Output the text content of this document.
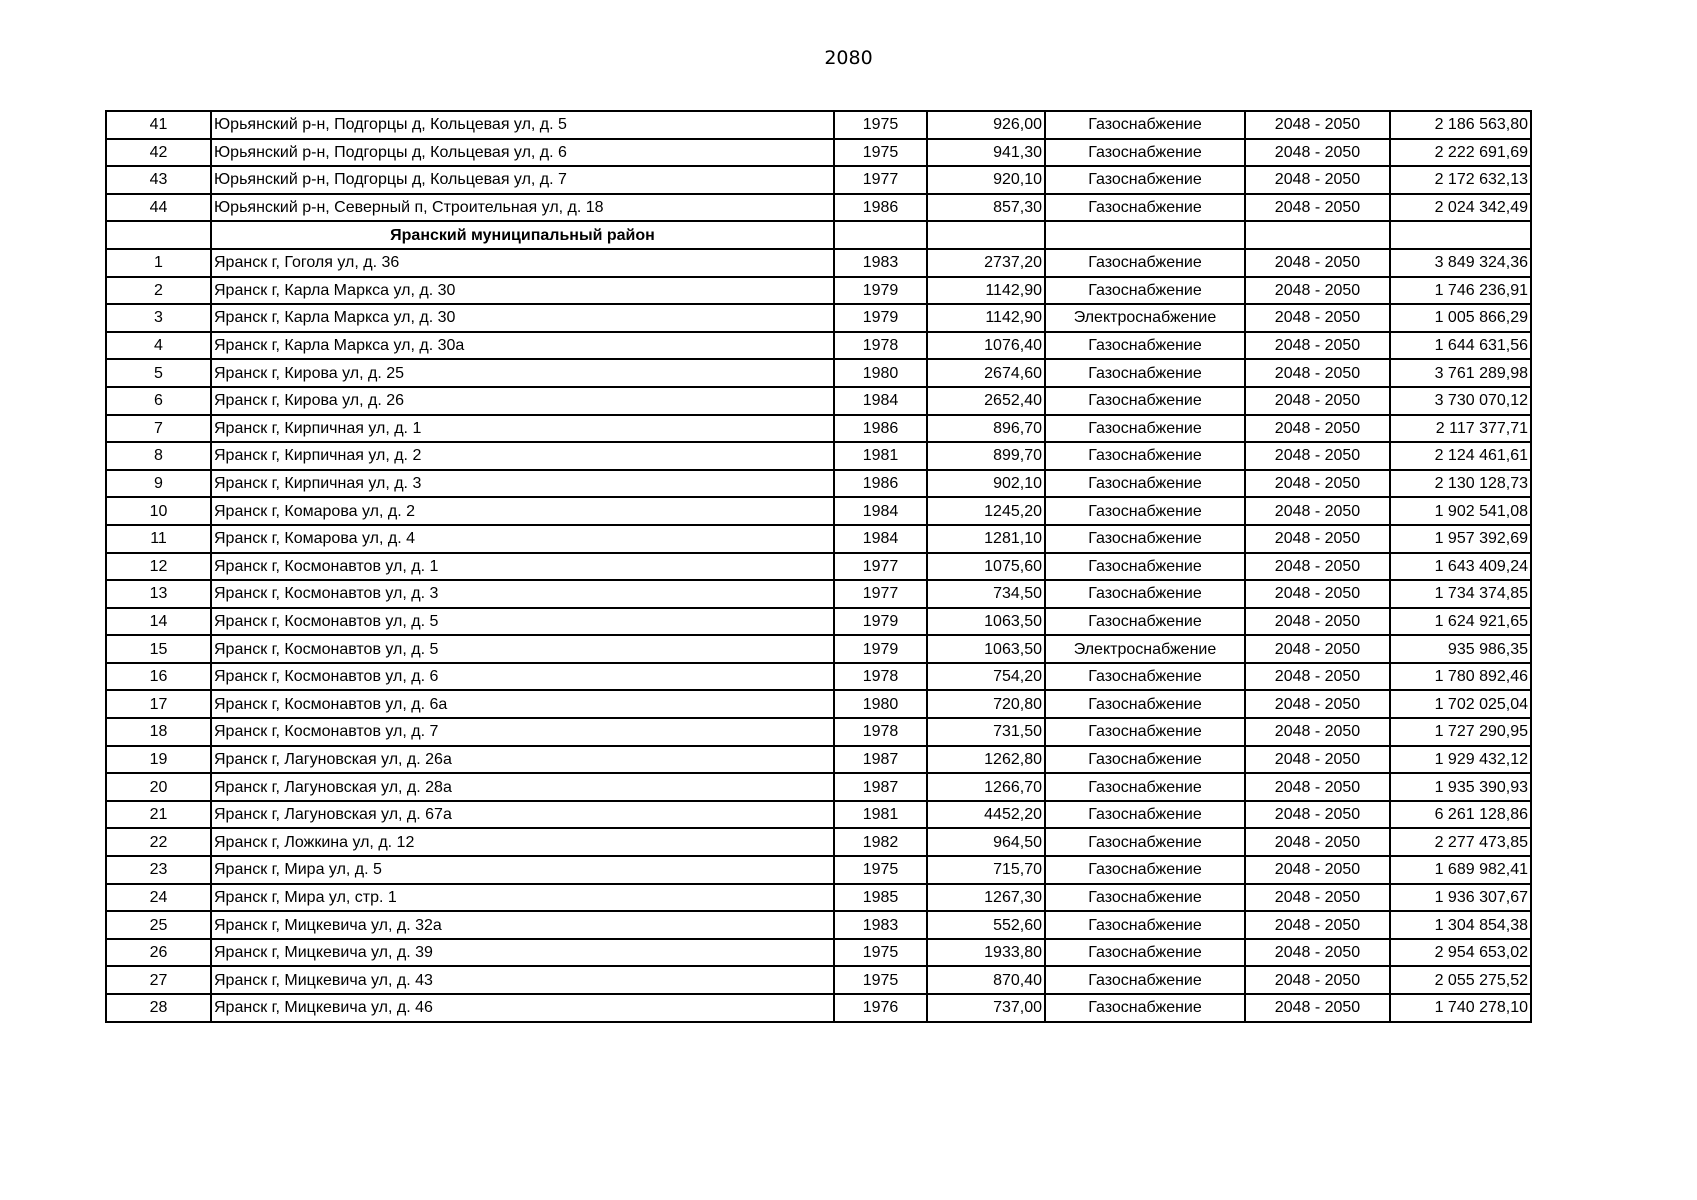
2080
41	Юрьянский р-н, Подгорцы д, Кольцевая ул, д. 5	1975	926,00	Газоснабжение	2048 - 2050	2 186 563,80
42	Юрьянский р-н, Подгорцы д, Кольцевая ул, д. 6	1975	941,30	Газоснабжение	2048 - 2050	2 222 691,69
43	Юрьянский р-н, Подгорцы д, Кольцевая ул, д. 7	1977	920,10	Газоснабжение	2048 - 2050	2 172 632,13
44	Юрьянский р-н, Северный п, Строительная ул, д. 18	1986	857,30	Газоснабжение	2048 - 2050	2 024 342,49
	Яранский муниципальный район					
1	Яранск г, Гоголя ул, д. 36	1983	2737,20	Газоснабжение	2048 - 2050	3 849 324,36
2	Яранск г, Карла Маркса ул, д. 30	1979	1142,90	Газоснабжение	2048 - 2050	1 746 236,91
3	Яранск г, Карла Маркса ул, д. 30	1979	1142,90	Электроснабжение	2048 - 2050	1 005 866,29
4	Яранск г, Карла Маркса ул, д. 30а	1978	1076,40	Газоснабжение	2048 - 2050	1 644 631,56
5	Яранск г, Кирова ул, д. 25	1980	2674,60	Газоснабжение	2048 - 2050	3 761 289,98
6	Яранск г, Кирова ул, д. 26	1984	2652,40	Газоснабжение	2048 - 2050	3 730 070,12
7	Яранск г, Кирпичная ул, д. 1	1986	896,70	Газоснабжение	2048 - 2050	2 117 377,71
8	Яранск г, Кирпичная ул, д. 2	1981	899,70	Газоснабжение	2048 - 2050	2 124 461,61
9	Яранск г, Кирпичная ул, д. 3	1986	902,10	Газоснабжение	2048 - 2050	2 130 128,73
10	Яранск г, Комарова ул, д. 2	1984	1245,20	Газоснабжение	2048 - 2050	1 902 541,08
11	Яранск г, Комарова ул, д. 4	1984	1281,10	Газоснабжение	2048 - 2050	1 957 392,69
12	Яранск г, Космонавтов ул, д. 1	1977	1075,60	Газоснабжение	2048 - 2050	1 643 409,24
13	Яранск г, Космонавтов ул, д. 3	1977	734,50	Газоснабжение	2048 - 2050	1 734 374,85
14	Яранск г, Космонавтов ул, д. 5	1979	1063,50	Газоснабжение	2048 - 2050	1 624 921,65
15	Яранск г, Космонавтов ул, д. 5	1979	1063,50	Электроснабжение	2048 - 2050	935 986,35
16	Яранск г, Космонавтов ул, д. 6	1978	754,20	Газоснабжение	2048 - 2050	1 780 892,46
17	Яранск г, Космонавтов ул, д. 6а	1980	720,80	Газоснабжение	2048 - 2050	1 702 025,04
18	Яранск г, Космонавтов ул, д. 7	1978	731,50	Газоснабжение	2048 - 2050	1 727 290,95
19	Яранск г, Лагуновская ул, д. 26а	1987	1262,80	Газоснабжение	2048 - 2050	1 929 432,12
20	Яранск г, Лагуновская ул, д. 28а	1987	1266,70	Газоснабжение	2048 - 2050	1 935 390,93
21	Яранск г, Лагуновская ул, д. 67а	1981	4452,20	Газоснабжение	2048 - 2050	6 261 128,86
22	Яранск г, Ложкина ул, д. 12	1982	964,50	Газоснабжение	2048 - 2050	2 277 473,85
23	Яранск г, Мира ул, д. 5	1975	715,70	Газоснабжение	2048 - 2050	1 689 982,41
24	Яранск г, Мира ул, стр. 1	1985	1267,30	Газоснабжение	2048 - 2050	1 936 307,67
25	Яранск г, Мицкевича ул, д. 32а	1983	552,60	Газоснабжение	2048 - 2050	1 304 854,38
26	Яранск г, Мицкевича ул, д. 39	1975	1933,80	Газоснабжение	2048 - 2050	2 954 653,02
27	Яранск г, Мицкевича ул, д. 43	1975	870,40	Газоснабжение	2048 - 2050	2 055 275,52
28	Яранск г, Мицкевича ул, д. 46	1976	737,00	Газоснабжение	2048 - 2050	1 740 278,10
